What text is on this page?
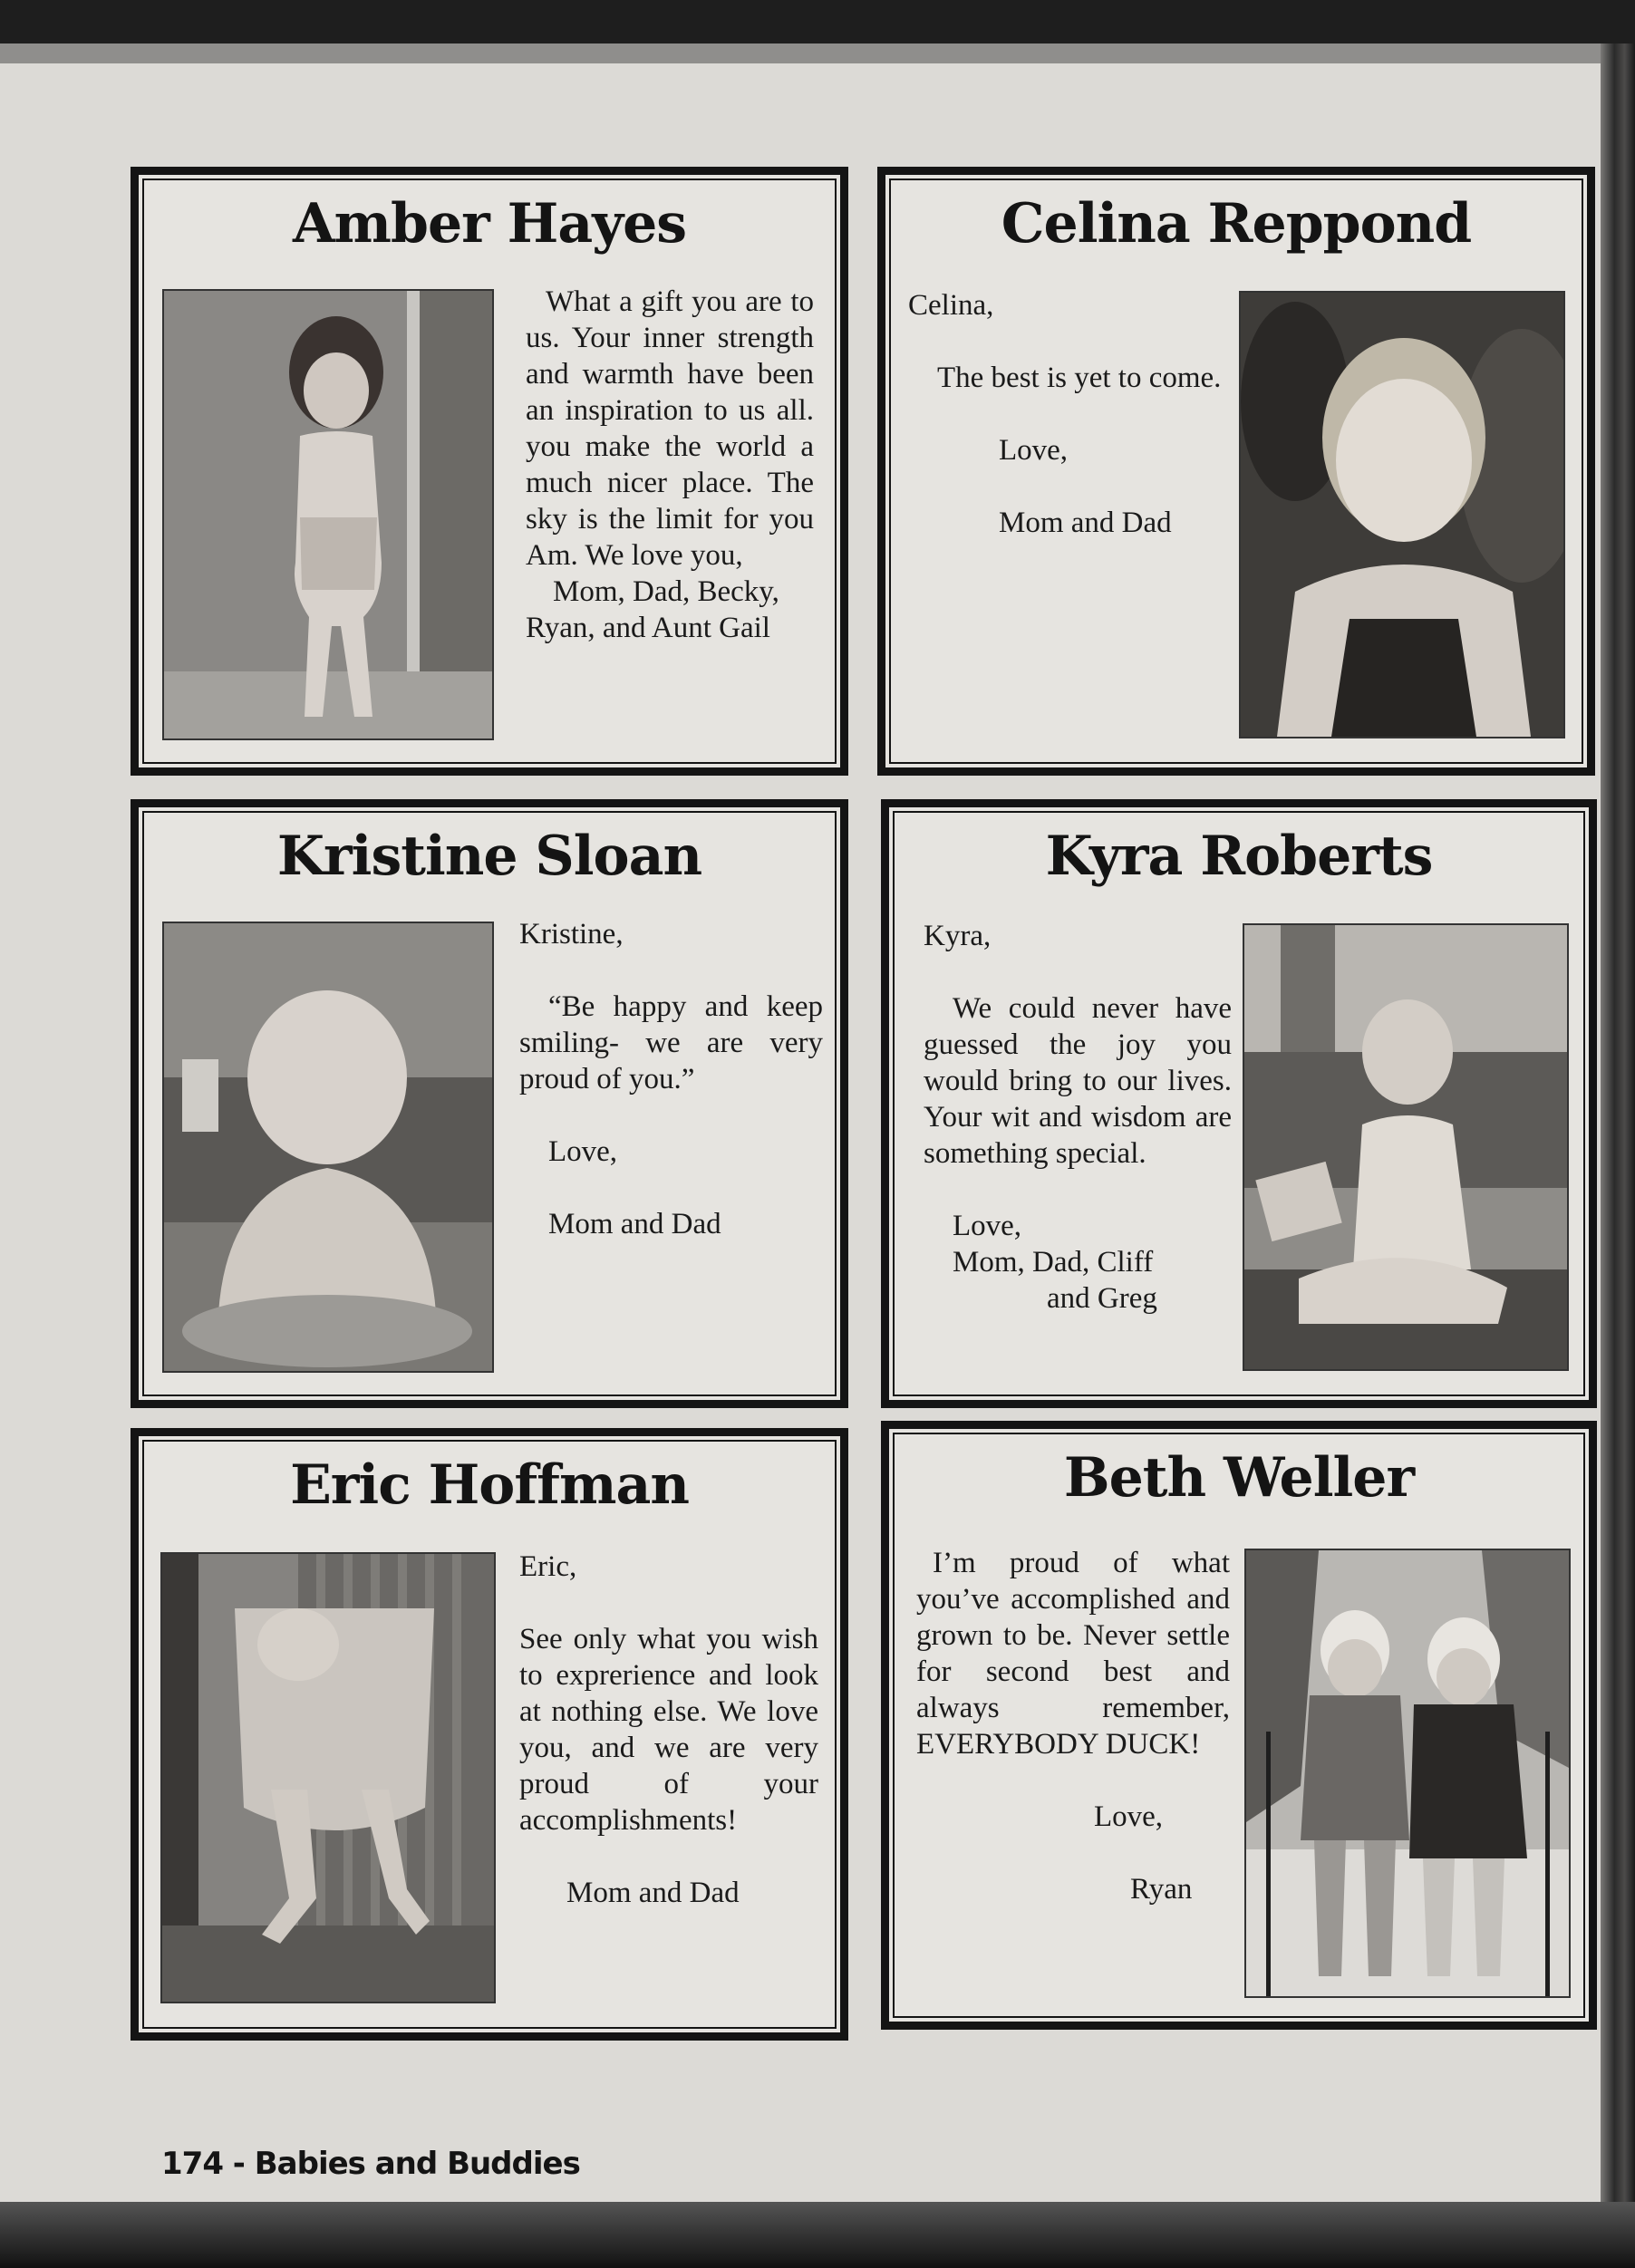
Amber Hayes

What a gift you are to us. Your inner strength and warmth have been an inspiration to us all. you make the world a much nicer place. The sky is the limit for you Am. We love you,

Mom, Dad, Becky, Ryan, and Aunt Gail

Celina Reppond

Celina,

The best is yet to come.

Love,

Mom and Dad

Kristine Sloan

Kristine,

“Be happy and keep smiling- we are very proud of you.”

Love,

Mom and Dad

Kyra Roberts

Kyra,

We could never have guessed the joy you would bring to our lives. Your wit and wisdom are something special.

Love,

Mom, Dad, Cliff

and Greg

Eric Hoffman

Eric,

See only what you wish to exprerience and look at nothing else. We love you, and we are very proud of your accomplishments!

Mom and Dad

Beth Weller

I’m proud of what you’ve accomplished and grown to be. Never settle for second best and always remember, EVERYBODY DUCK!

Love,

Ryan

174 - Babies and Buddies
